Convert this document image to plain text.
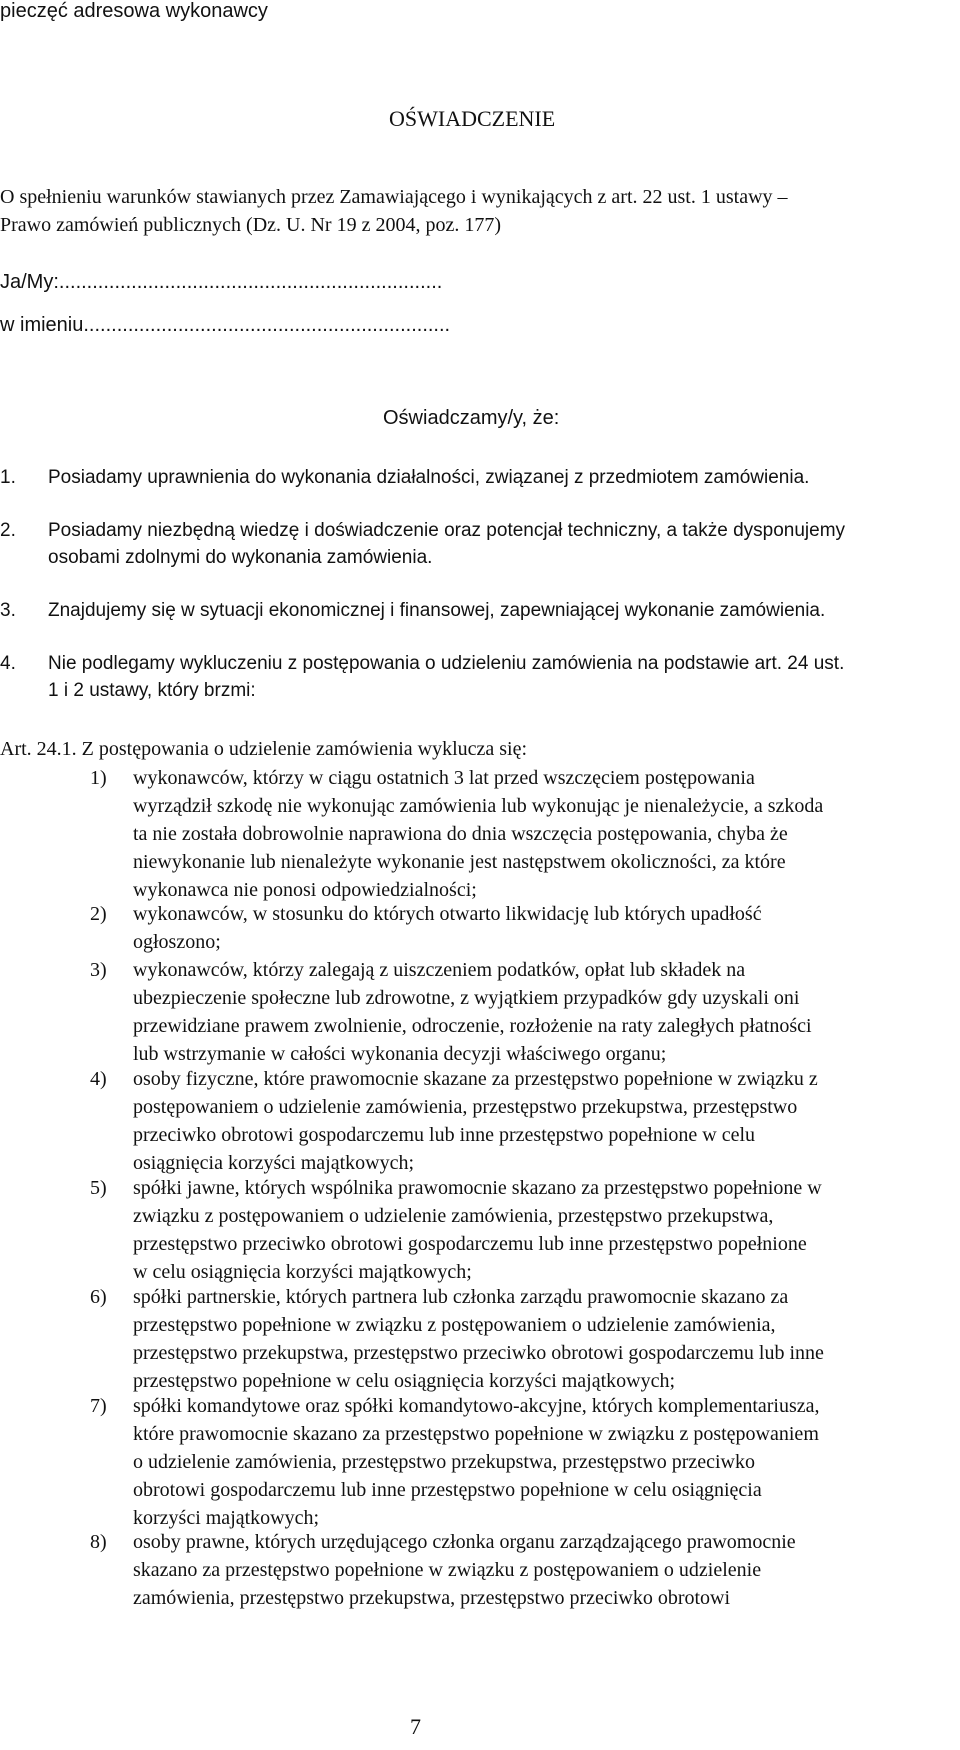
pieczęć adresowa wykonawcy
OŚWIADCZENIE
O spełnieniu warunków stawianych przez Zamawiającego i wynikających z art. 22 ust. 1 ustawy –
Prawo zamówień publicznych (Dz. U. Nr 19 z 2004, poz. 177)
Ja/My:.....................................................................
w imieniu..................................................................
Oświadczamy/y, że:
1. Posiadamy uprawnienia do wykonania działalności, związanej z przedmiotem zamówienia.
2. Posiadamy niezbędną wiedzę i doświadczenie oraz potencjał techniczny, a także dysponujemy
osobami zdolnymi do wykonania zamówienia.
3. Znajdujemy się w sytuacji ekonomicznej i finansowej, zapewniającej wykonanie zamówienia.
4. Nie podlegamy wykluczeniu z postępowania o udzieleniu zamówienia na podstawie art. 24 ust.
1 i 2 ustawy, który brzmi:
Art. 24.1. Z postępowania o udzielenie zamówienia wyklucza się:
1) wykonawców, którzy w ciągu ostatnich 3 lat przed wszczęciem postępowania
wyrządził szkodę nie wykonując zamówienia lub wykonując je nienależycie, a szkoda
ta nie została dobrowolnie naprawiona do dnia wszczęcia postępowania, chyba że
niewykonanie lub nienależyte wykonanie jest następstwem okoliczności, za które
wykonawca nie ponosi odpowiedzialności;
2) wykonawców, w stosunku do których otwarto likwidację lub których upadłość
ogłoszono;
3) wykonawców, którzy zalegają z uiszczeniem podatków, opłat lub składek na
ubezpieczenie społeczne lub zdrowotne, z wyjątkiem przypadków gdy uzyskali oni
przewidziane prawem zwolnienie, odroczenie, rozłożenie na raty zaległych płatności
lub wstrzymanie w całości wykonania decyzji właściwego organu;
4) osoby fizyczne, które prawomocnie skazane za przestępstwo popełnione w związku z
postępowaniem o udzielenie zamówienia, przestępstwo przekupstwa, przestępstwo
przeciwko obrotowi gospodarczemu lub inne przestępstwo popełnione w celu
osiągnięcia korzyści majątkowych;
5) spółki jawne, których wspólnika prawomocnie skazano za przestępstwo popełnione w
związku z postępowaniem o udzielenie zamówienia, przestępstwo przekupstwa,
przestępstwo przeciwko obrotowi gospodarczemu lub inne przestępstwo popełnione
w celu osiągnięcia korzyści majątkowych;
6) spółki partnerskie, których partnera lub członka zarządu prawomocnie skazano za
przestępstwo popełnione w związku z postępowaniem o udzielenie zamówienia,
przestępstwo przekupstwa, przestępstwo przeciwko obrotowi gospodarczemu lub inne
przestępstwo popełnione w celu osiągnięcia korzyści majątkowych;
7) spółki komandytowe oraz spółki komandytowo-akcyjne, których komplementariusza,
które prawomocnie skazano za przestępstwo popełnione w związku z postępowaniem
o udzielenie zamówienia, przestępstwo przekupstwa, przestępstwo przeciwko
obrotowi gospodarczemu lub inne przestępstwo popełnione w celu osiągnięcia
korzyści majątkowych;
8) osoby prawne, których urzędującego członka organu zarządzającego prawomocnie
skazano za przestępstwo popełnione w związku z postępowaniem o udzielenie
zamówienia, przestępstwo przekupstwa, przestępstwo przeciwko obrotowi
7
